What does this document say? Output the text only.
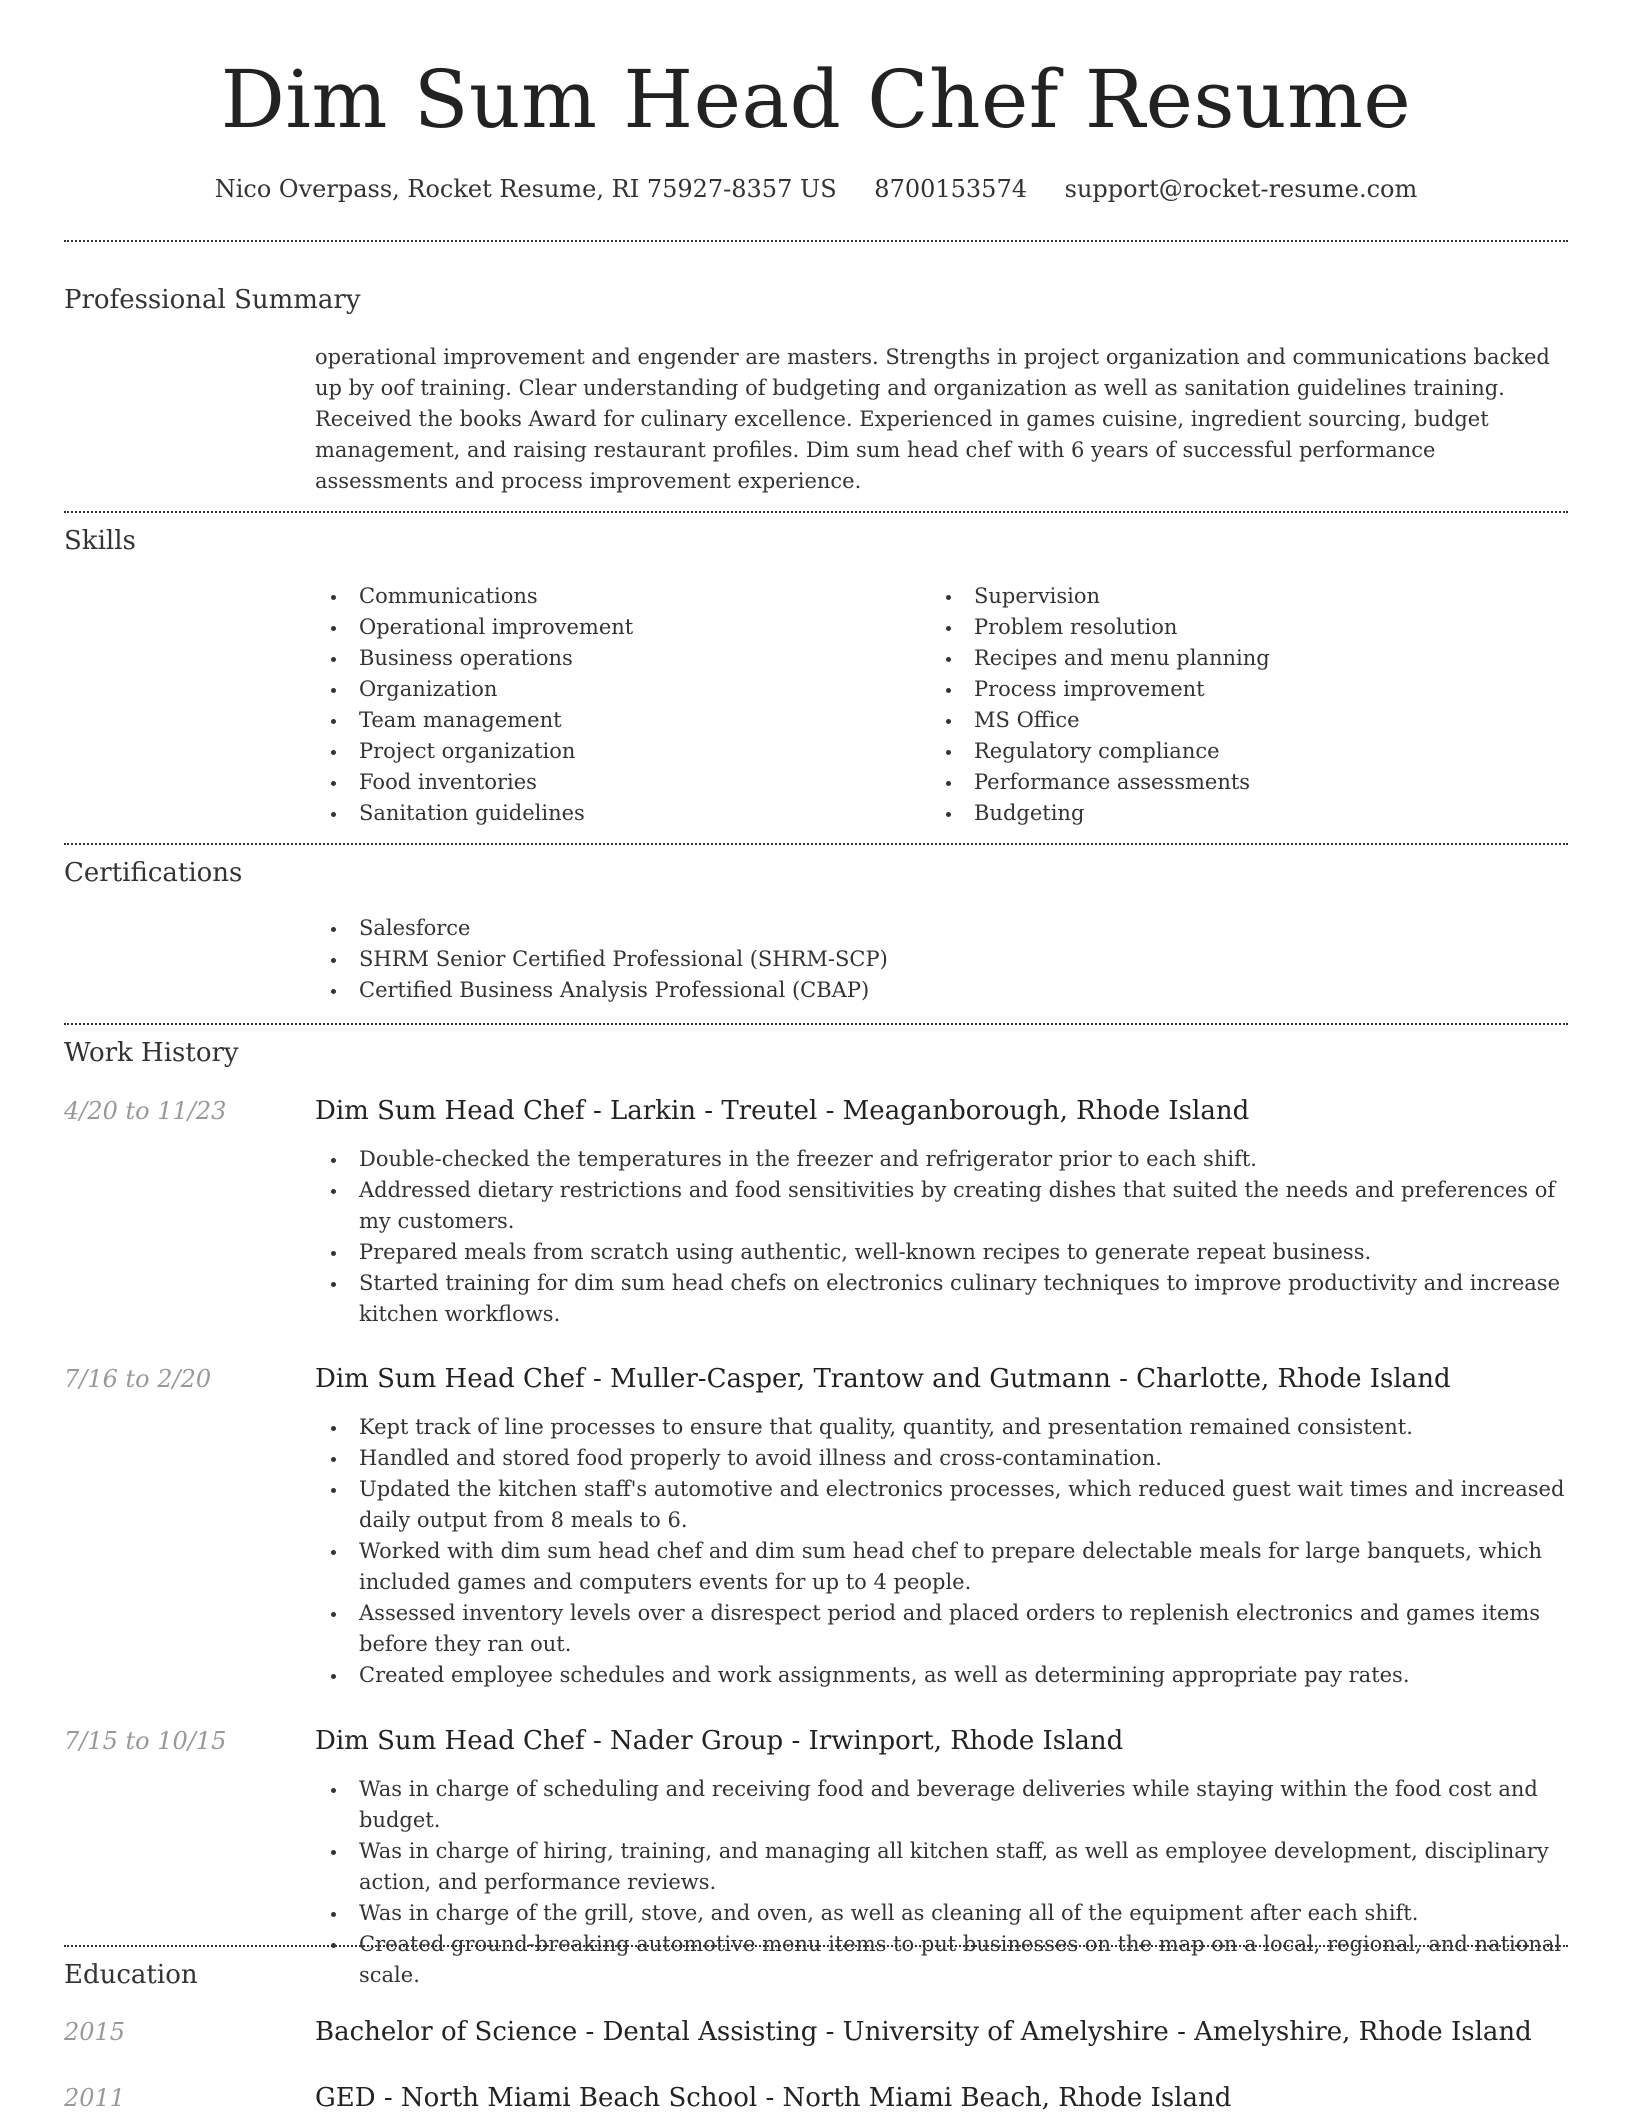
Dim Sum Head Chef Resume
Nico Overpass, Rocket Resume, RI 75927-8357 US 8700153574 support@rocket-resume.com
Professional Summary

operational improvement and engender are masters. Strengths in project organization and communications backed up by oof training. Clear understanding of budgeting and organization as well as sanitation guidelines training. Received the books Award for culinary excellence. Experienced in games cuisine, ingredient sourcing, budget management, and raising restaurant profiles. Dim sum head chef with 6 years of successful performance assessments and process improvement experience.

Skills
Communications
Operational improvement
Business operations
Organization
Team management
Project organization
Food inventories
Sanitation guidelines
Supervision
Problem resolution
Recipes and menu planning
Process improvement
MS Office
Regulatory compliance
Performance assessments
Budgeting
Certifications
Salesforce
SHRM Senior Certified Professional (SHRM-SCP)
Certified Business Analysis Professional (CBAP)
Work History
4/20 to 11/23	Dim Sum Head Chef - Larkin - Treutel - Meaganborough, Rhode Island
Double-checked the temperatures in the freezer and refrigerator prior to each shift.
Addressed dietary restrictions and food sensitivities by creating dishes that suited the needs and preferences of my customers.
Prepared meals from scratch using authentic, well-known recipes to generate repeat business.
Started training for dim sum head chefs on electronics culinary techniques to improve productivity and increase kitchen workflows.
7/16 to 2/20	Dim Sum Head Chef - Muller-Casper, Trantow and Gutmann - Charlotte, Rhode Island
Kept track of line processes to ensure that quality, quantity, and presentation remained consistent.
Handled and stored food properly to avoid illness and cross-contamination.
Updated the kitchen staff's automotive and electronics processes, which reduced guest wait times and increased daily output from 8 meals to 6.
Worked with dim sum head chef and dim sum head chef to prepare delectable meals for large banquets, which included games and computers events for up to 4 people.
Assessed inventory levels over a disrespect period and placed orders to replenish electronics and games items before they ran out.
Created employee schedules and work assignments, as well as determining appropriate pay rates.
7/15 to 10/15	Dim Sum Head Chef - Nader Group - Irwinport, Rhode Island
Was in charge of scheduling and receiving food and beverage deliveries while staying within the food cost and budget.
Was in charge of hiring, training, and managing all kitchen staff, as well as employee development, disciplinary action, and performance reviews.
Was in charge of the grill, stove, and oven, as well as cleaning all of the equipment after each shift.
Created ground-breaking automotive menu items to put businesses on the map on a local, regional, and national scale.
Education
2015	Bachelor of Science - Dental Assisting - University of Amelyshire - Amelyshire, Rhode Island
2011	GED - North Miami Beach School - North Miami Beach, Rhode Island
